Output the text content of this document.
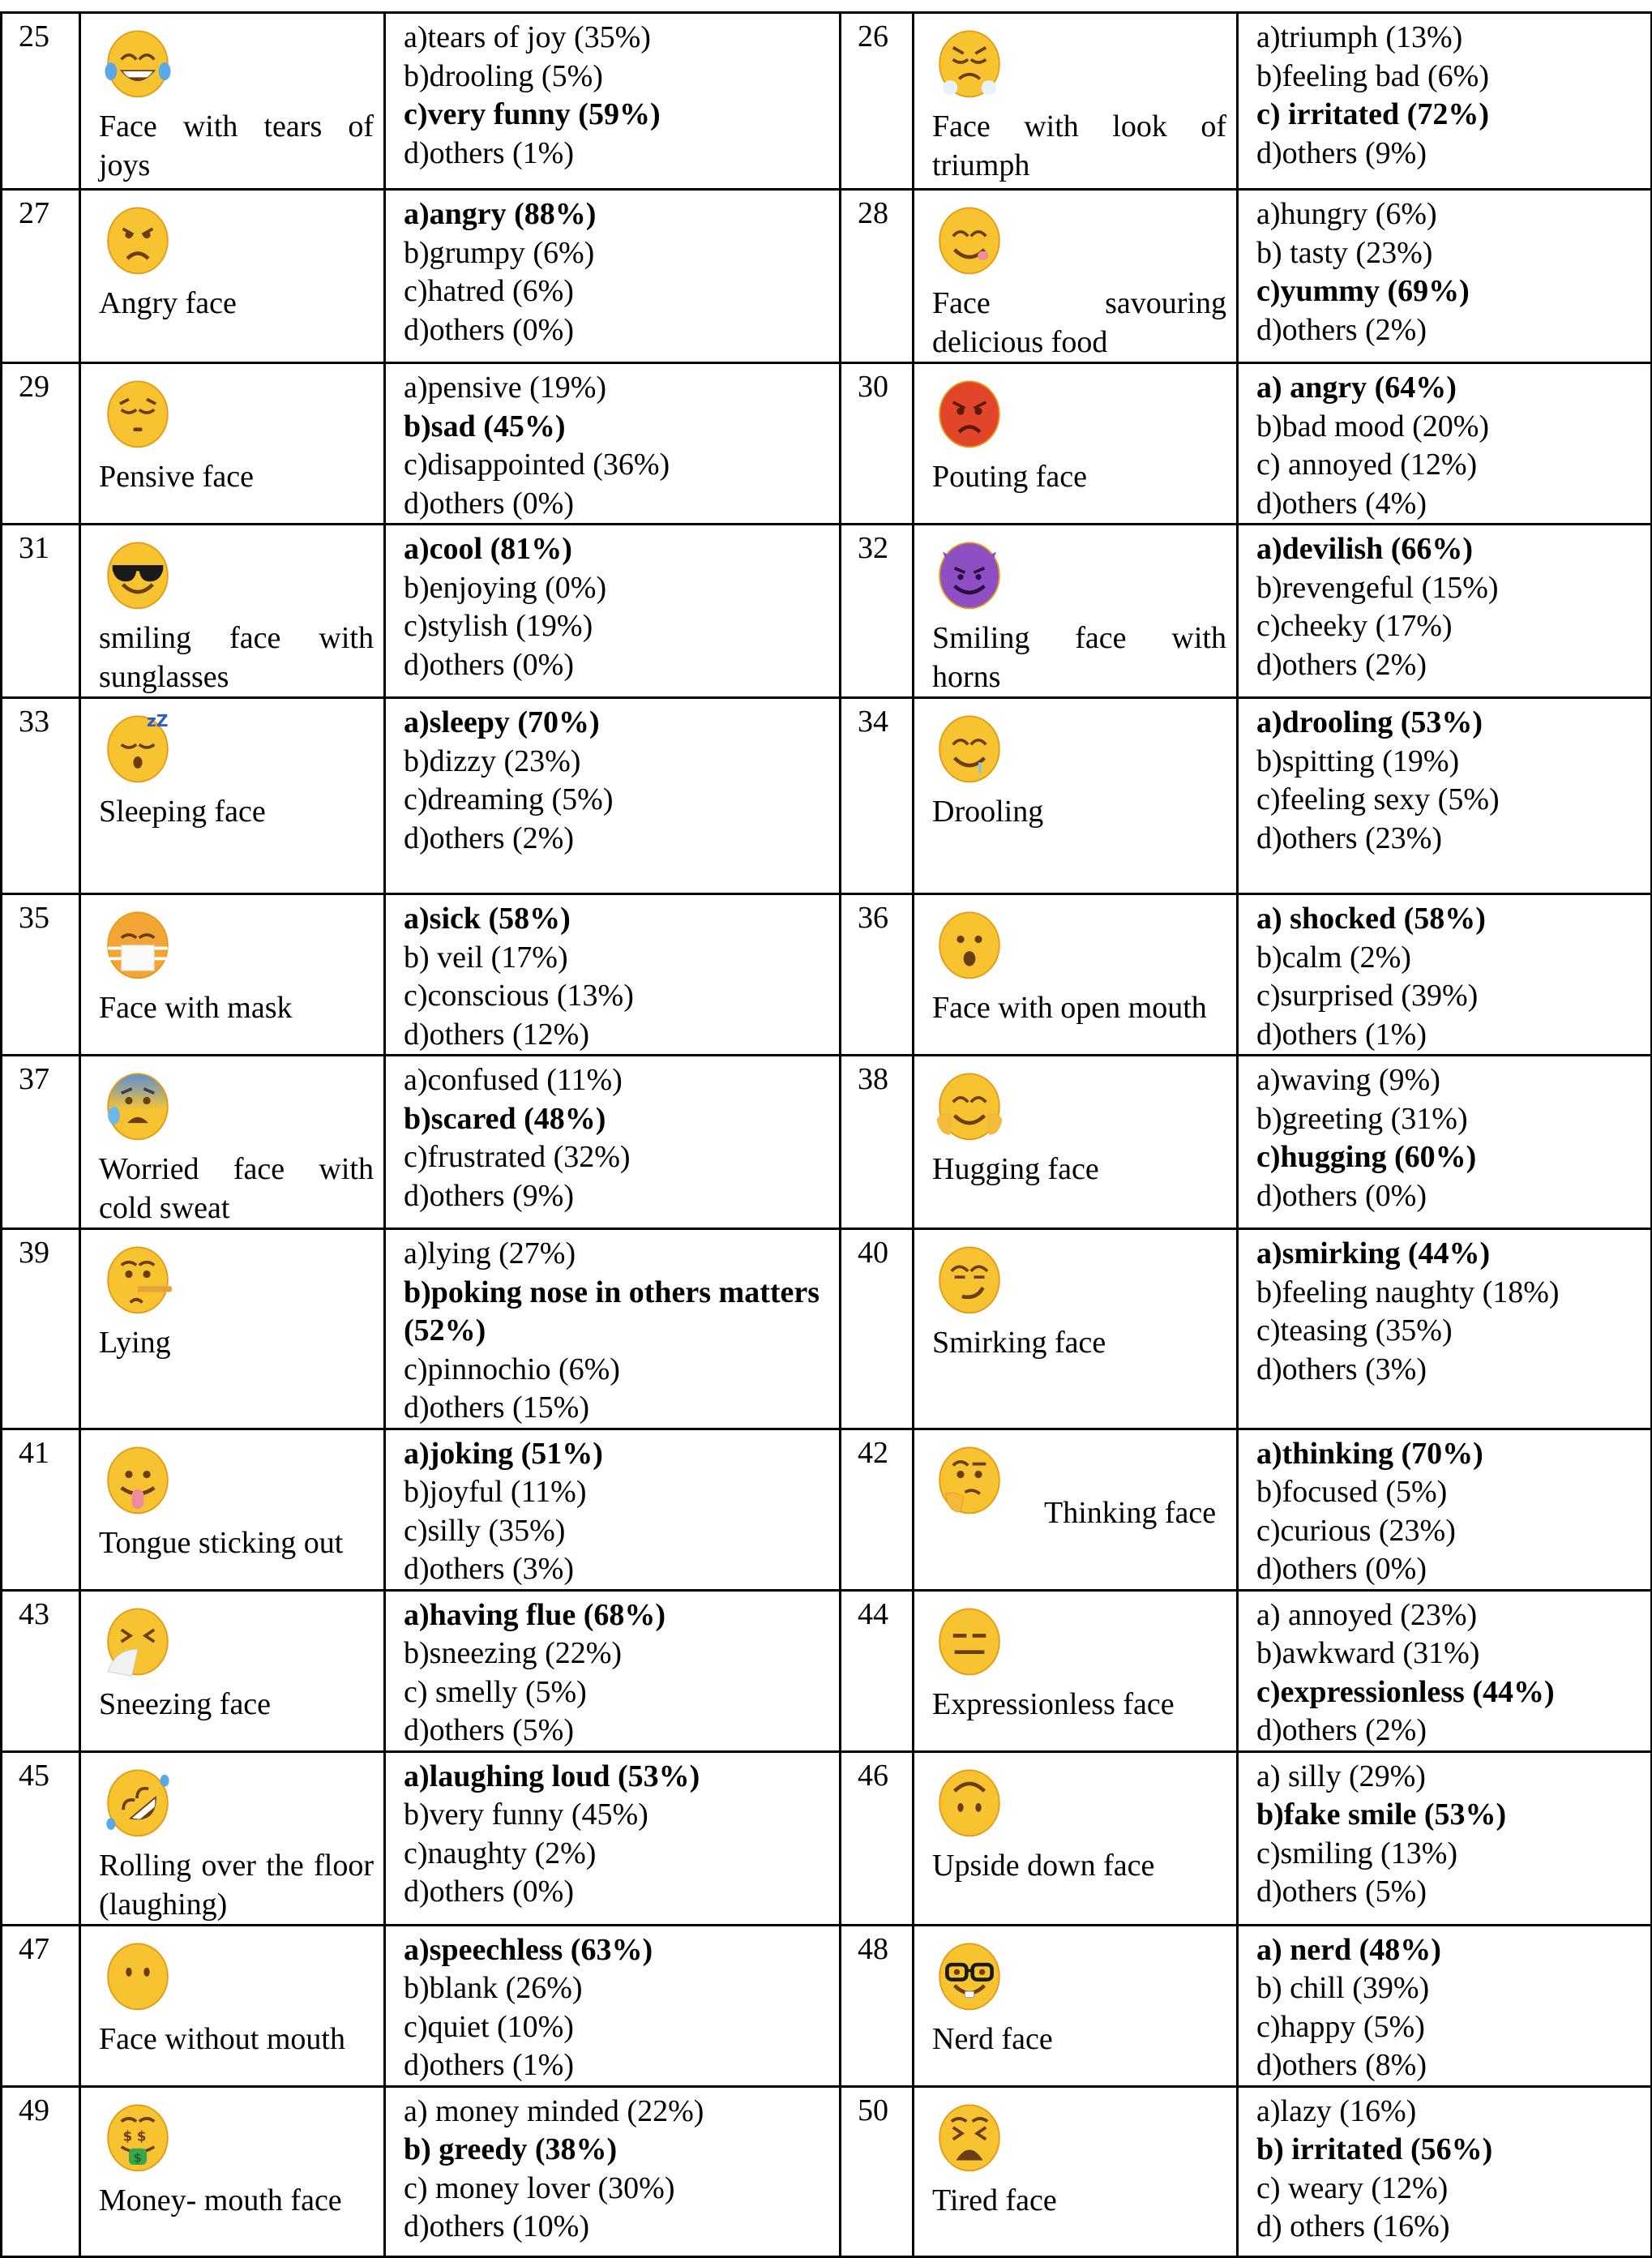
25	Face with tears of joys	a)tears of joy (35%)
b)drooling (5%)
c)very funny (59%)
d)others (1%)	26	Face with look of triumph	a)triumph (13%)
b)feeling bad (6%)
c) irritated (72%)
d)others (9%)

27	Angry face	a)angry (88%)
b)grumpy (6%)
c)hatred (6%)
d)others (0%)	28	Face savouring delicious food	a)hungry (6%)
b) tasty (23%)
c)yummy (69%)
d)others (2%)

29	Pensive face	a)pensive (19%)
b)sad (45%)
c)disappointed (36%)
d)others (0%)	30	Pouting face	a) angry (64%)
b)bad mood (20%)
c) annoyed (12%)
d)others (4%)

31	smiling face with sunglasses	a)cool (81%)
b)enjoying (0%)
c)stylish (19%)
d)others (0%)	32	Smiling face with horns	a)devilish (66%)
b)revengeful (15%)
c)cheeky (17%)
d)others (2%)

33	zZ
Sleeping face	a)sleepy (70%)
b)dizzy (23%)
c)dreaming (5%)
d)others (2%)	34	Drooling	a)drooling (53%)
b)spitting (19%)
c)feeling sexy (5%)
d)others (23%)

35	Face with mask	a)sick (58%)
b) veil (17%)
c)conscious (13%)
d)others (12%)	36	Face with open mouth	a) shocked (58%)
b)calm (2%)
c)surprised (39%)
d)others (1%)

37	Worried face with cold sweat	a)confused (11%)
b)scared (48%)
c)frustrated (32%)
d)others (9%)	38	Hugging face	a)waving (9%)
b)greeting (31%)
c)hugging (60%)
d)others (0%)

39	Lying	a)lying (27%)
b)poking nose in others matters (52%)
c)pinnochio (6%)
d)others (15%)	40	Smirking face	a)smirking (44%)
b)feeling naughty (18%)
c)teasing (35%)
d)others (3%)

41	Tongue sticking out	a)joking (51%)
b)joyful (11%)
c)silly (35%)
d)others (3%)	42	Thinking face	a)thinking (70%)
b)focused (5%)
c)curious (23%)
d)others (0%)

43	Sneezing face	a)having flue (68%)
b)sneezing (22%)
c) smelly (5%)
d)others (5%)	44	Expressionless face	a) annoyed (23%)
b)awkward (31%)
c)expressionless (44%)
d)others (2%)

45	Rolling over the floor (laughing)	a)laughing loud (53%)
b)very funny (45%)
c)naughty (2%)
d)others (0%)	46	Upside down face	a) silly (29%)
b)fake smile (53%)
c)smiling (13%)
d)others (5%)

47	Face without mouth	a)speechless (63%)
b)blank (26%)
c)quiet (10%)
d)others (1%)	48	Nerd face	a) nerd (48%)
b) chill (39%)
c)happy (5%)
d)others (8%)

49	$ $
$
Money- mouth face	a) money minded (22%)
b) greedy (38%)
c) money lover (30%)
d)others (10%)	50	Tired face	a)lazy (16%)
b) irritated (56%)
c) weary (12%)
d) others (16%)
